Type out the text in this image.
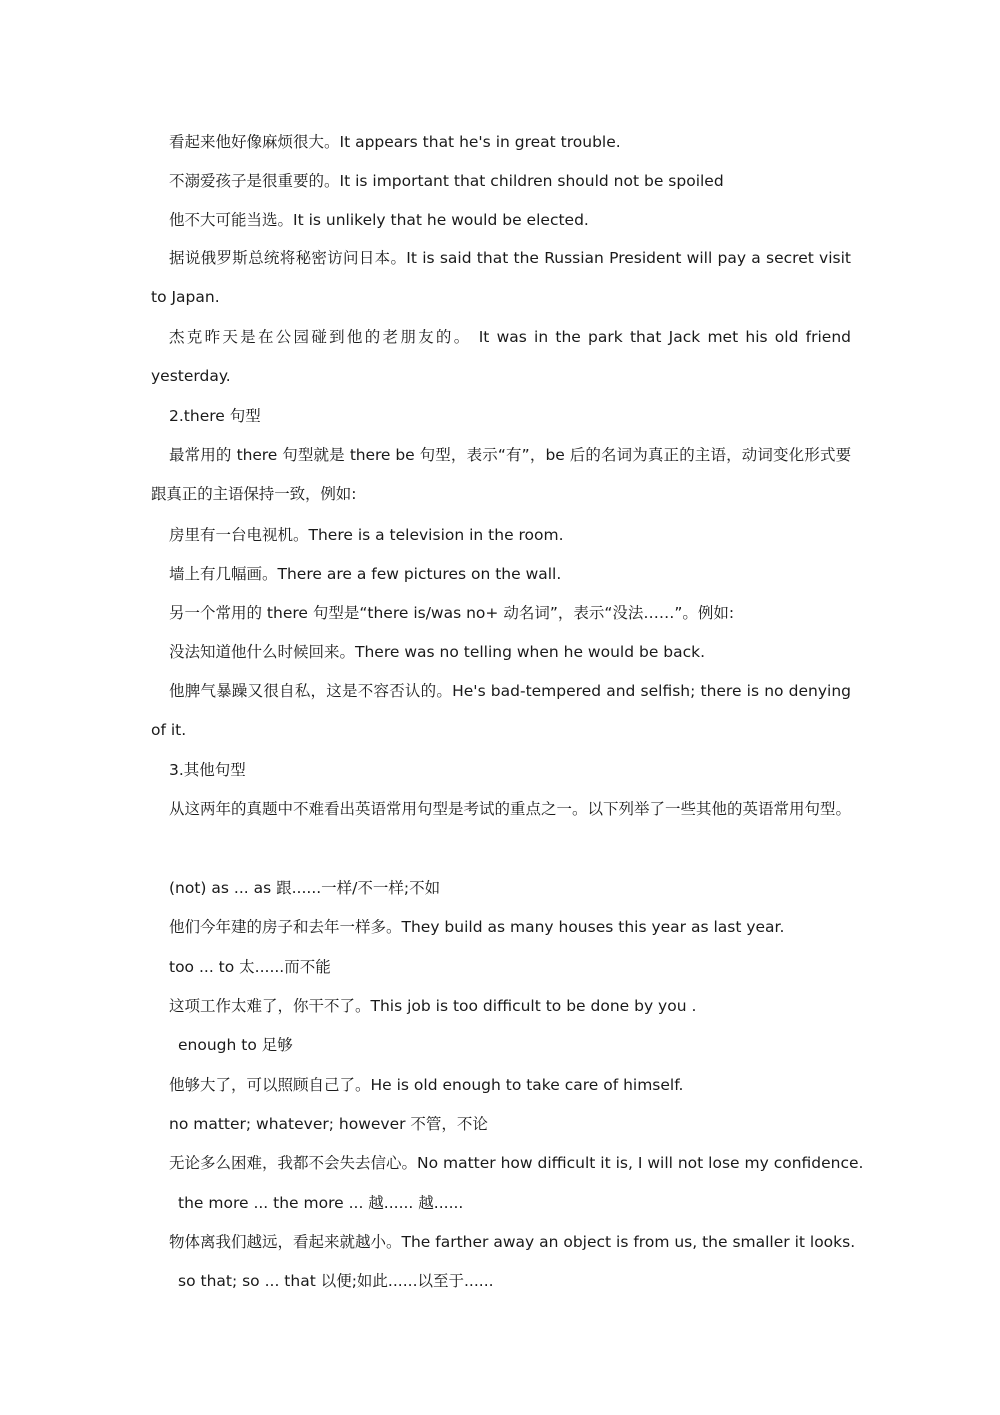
看起来他好像麻烦很大。It appears that he's in great trouble.
不溺爱孩子是很重要的。It is important that children should not be spoiled
他不大可能当选。It is unlikely that he would be elected.
据说俄罗斯总统将秘密访问日本。It is said that the Russian President will pay a secret visit to Japan.
杰克昨天是在公园碰到他的老朋友的。 It was in the park that Jack met his old friend yesterday.
2.there 句型
最常用的 there 句型就是 there be 句型，表示“有”，be 后的名词为真正的主语，动词变化形式要跟真正的主语保持一致，例如:
房里有一台电视机。There is a television in the room.
墙上有几幅画。There are a few pictures on the wall.
另一个常用的 there 句型是“there is/was no+ 动名词”，表示“没法……”。例如:
没法知道他什么时候回来。There was no telling when he would be back.
他脾气暴躁又很自私，这是不容否认的。He's bad-tempered and selfish; there is no denying of it.
3.其他句型
从这两年的真题中不难看出英语常用句型是考试的重点之一。以下列举了一些其他的英语常用句型。
(not) as ... as 跟......一样/不一样;不如
他们今年建的房子和去年一样多。They build as many houses this year as last year.
too ... to 太......而不能
这项工作太难了，你干不了。This job is too difficult to be done by you .
enough to 足够
他够大了，可以照顾自己了。He is old enough to take care of himself.
no matter; whatever; however 不管，不论
无论多么困难，我都不会失去信心。No matter how difficult it is, I will not lose my confidence.
the more ... the more ... 越...... 越......
物体离我们越远，看起来就越小。The farther away an object is from us, the smaller it looks.
so that; so ... that 以便;如此......以至于......
